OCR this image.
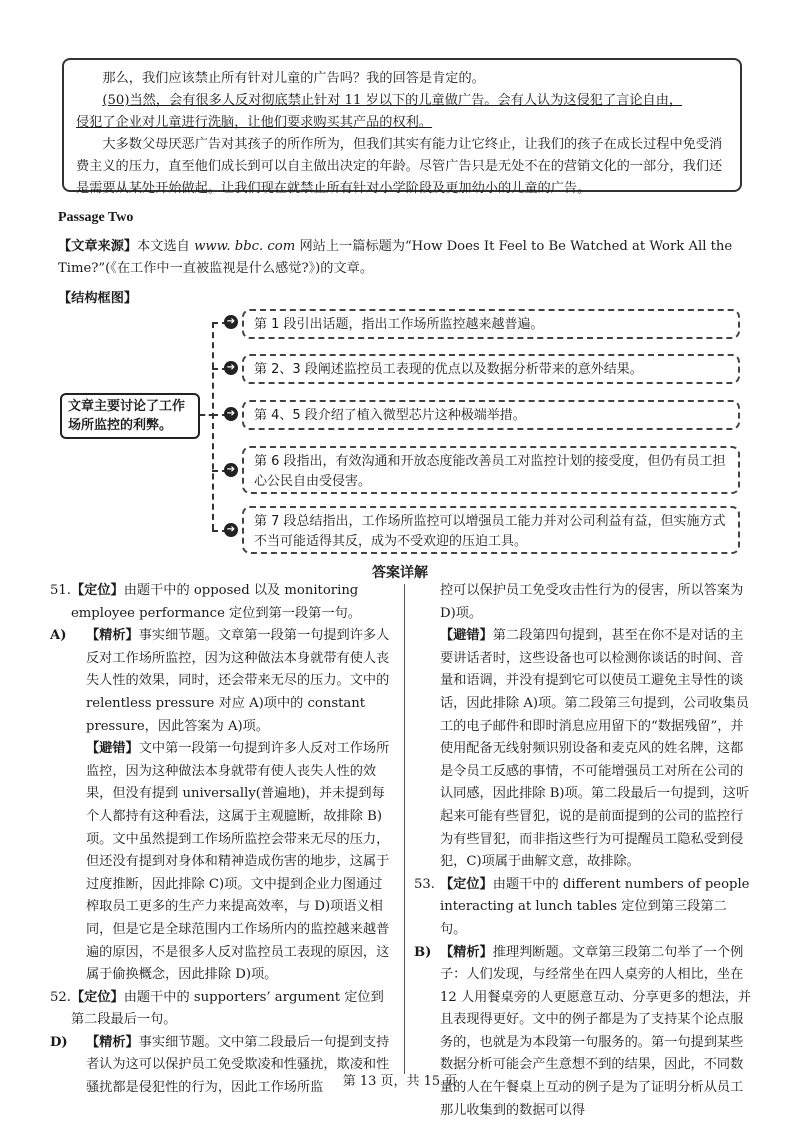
那么，我们应该禁止所有针对儿童的广告吗？我的回答是肯定的。

(50)当然，会有很多人反对彻底禁止针对 11 岁以下的儿童做广告。会有人认为这侵犯了言论自由，

侵犯了企业对儿童进行洗脑，让他们要求购买其产品的权利。

大多数父母厌恶广告对其孩子的所作所为，但我们其实有能力让它终止，让我们的孩子在成长过程中免受消费主义的压力，直至他们成长到可以自主做出决定的年龄。尽管广告只是无处不在的营销文化的一部分，我们还是需要从某处开始做起。让我们现在就禁止所有针对小学阶段及更加幼小的儿童的广告。

Passage Two
【文章来源】本文选自 www. bbc. com 网站上一篇标题为“How Does It Feel to Be Watched at Work All the Time?”(《在工作中一直被监视是什么感觉?》)的文章。
【结构框图】
文章主要讨论了工作场所监控的利弊。
➔	第 1 段引出话题，指出工作场所监控越来越普遍。
➔	第 2、3 段阐述监控员工表现的优点以及数据分析带来的意外结果。
➔	第 4、5 段介绍了植入微型芯片这种极端举措。
➔
第 6 段指出，有效沟通和开放态度能改善员工对监控计划的接受度，但仍有员工担心公民自由受侵害。
➔
第 7 段总结指出，工作场所监控可以增强员工能力并对公司利益有益，但实施方式不当可能适得其反，成为不受欢迎的压迫工具。
答案详解
51. 【定位】由题干中的 opposed 以及 monitoring employee performance 定位到第一段第一句。
A)	【精析】事实细节题。文章第一段第一句提到许多人反对工作场所监控，因为这种做法本身就带有使人丧失人性的效果，同时，还会带来无尽的压力。文中的 relentless pressure 对应 A)项中的 constant pressure，因此答案为 A)项。
【避错】文中第一段第一句提到许多人反对工作场所监控，因为这种做法本身就带有使人丧失人性的效果，但没有提到 universally(普遍地)，并未提到每个人都持有这种看法，这属于主观臆断，故排除 B)项。文中虽然提到工作场所监控会带来无尽的压力，但还没有提到对身体和精神造成伤害的地步，这属于过度推断，因此排除 C)项。文中提到企业力图通过榨取员工更多的生产力来提高效率，与 D)项语义相同，但是它是全球范围内工作场所内的监控越来越普遍的原因，不是很多人反对监控员工表现的原因，这属于偷换概念，因此排除 D)项。
52. 【定位】由题干中的 supporters’ argument 定位到第二段最后一句。
D)	【精析】事实细节题。文中第二段最后一句提到支持者认为这可以保护员工免受欺凌和性骚扰，欺凌和性骚扰都是侵犯性的行为，因此工作场所监
控可以保护员工免受攻击性行为的侵害，所以答案为 D)项。
【避错】第二段第四句提到，甚至在你不是对话的主要讲话者时，这些设备也可以检测你谈话的时间、音量和语调，并没有提到它可以使员工避免主导性的谈话，因此排除 A)项。第二段第三句提到，公司收集员工的电子邮件和即时消息应用留下的“数据残留”，并使用配备无线射频识别设备和麦克风的姓名牌，这都是令员工反感的事情，不可能增强员工对所在公司的认同感，因此排除 B)项。第二段最后一句提到，这听起来可能有些冒犯，说的是前面提到的公司的监控行为有些冒犯，而非指这些行为可提醒员工隐私受到侵犯，C)项属于曲解文意，故排除。
53. 【定位】由题干中的 different numbers of people interacting at lunch tables 定位到第三段第二句。
B) 【精析】推理判断题。文章第三段第二句举了一个例子：人们发现，与经常坐在四人桌旁的人相比，坐在 12 人用餐桌旁的人更愿意互动、分享更多的想法，并且表现得更好。文中的例子都是为了支持某个论点服务的，也就是为本段第一句服务的。第一句提到某些数据分析可能会产生意想不到的结果，因此，不同数量的人在午餐桌上互动的例子是为了证明分析从员工那儿收集到的数据可以得
第 13 页，共 15 页
